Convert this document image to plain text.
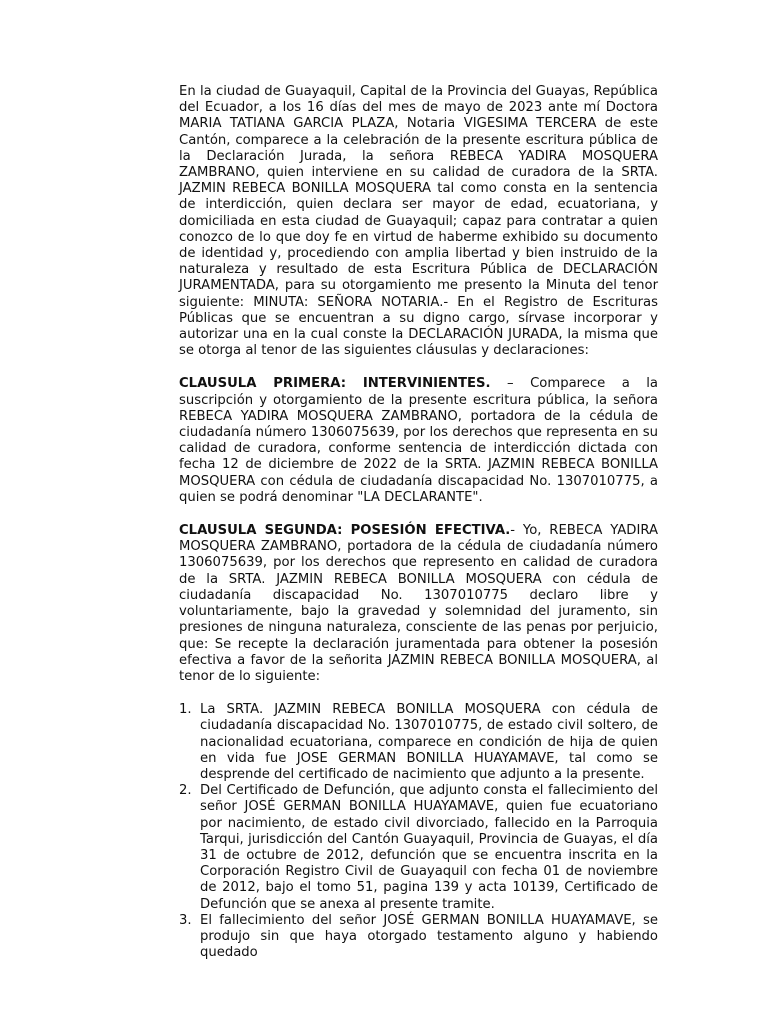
En la ciudad de Guayaquil, Capital de la Provincia del Guayas, República del Ecuador, a los 16 días del mes de mayo de 2023 ante mí Doctora MARIA TATIANA GARCIA PLAZA, Notaria VIGESIMA TERCERA de este Cantón, comparece a la celebración de la presente escritura pública de la Declaración Jurada, la señora REBECA YADIRA MOSQUERA ZAMBRANO, quien interviene en su calidad de curadora de la SRTA. JAZMIN REBECA BONILLA MOSQUERA tal como consta en la sentencia de interdicción, quien declara ser mayor de edad, ecuatoriana, y domiciliada en esta ciudad de Guayaquil; capaz para contratar a quien conozco de lo que doy fe en virtud de haberme exhibido su documento de identidad y, procediendo con amplia libertad y bien instruido de la naturaleza y resultado de esta Escritura Pública de DECLARACIÓN JURAMENTADA, para su otorgamiento me presento la Minuta del tenor siguiente: MINUTA: SEÑORA NOTARIA.- En el Registro de Escrituras Públicas que se encuentran a su digno cargo, sírvase incorporar y autorizar una en la cual conste la DECLARACIÓN JURADA, la misma que se otorga al tenor de las siguientes cláusulas y declaraciones:

CLAUSULA PRIMERA: INTERVINIENTES. – Comparece a la suscripción y otorgamiento de la presente escritura pública, la señora REBECA YADIRA MOSQUERA ZAMBRANO, portadora de la cédula de ciudadanía número 1306075639, por los derechos que representa en su calidad de curadora, conforme sentencia de interdicción dictada con fecha 12 de diciembre de 2022 de la SRTA. JAZMIN REBECA BONILLA MOSQUERA con cédula de ciudadanía discapacidad No. 1307010775, a quien se podrá denominar "LA DECLARANTE".

CLAUSULA SEGUNDA: POSESIÓN EFECTIVA.- Yo, REBECA YADIRA MOSQUERA ZAMBRANO, portadora de la cédula de ciudadanía número 1306075639, por los derechos que represento en calidad de curadora de la SRTA. JAZMIN REBECA BONILLA MOSQUERA con cédula de ciudadanía discapacidad No. 1307010775 declaro libre y voluntariamente, bajo la gravedad y solemnidad del juramento, sin presiones de ninguna naturaleza, consciente de las penas por perjuicio, que: Se recepte la declaración juramentada para obtener la posesión efectiva a favor de la señorita JAZMIN REBECA BONILLA MOSQUERA, al tenor de lo siguiente:

1. La SRTA. JAZMIN REBECA BONILLA MOSQUERA con cédula de ciudadanía discapacidad No. 1307010775, de estado civil soltero, de nacionalidad ecuatoriana, comparece en condición de hija de quien en vida fue JOSE GERMAN BONILLA HUAYAMAVE, tal como se desprende del certificado de nacimiento que adjunto a la presente.

2. Del Certificado de Defunción, que adjunto consta el fallecimiento del señor JOSÉ GERMAN BONILLA HUAYAMAVE, quien fue ecuatoriano por nacimiento, de estado civil divorciado, fallecido en la Parroquia Tarqui, jurisdicción del Cantón Guayaquil, Provincia de Guayas, el día 31 de octubre de 2012, defunción que se encuentra inscrita en la Corporación Registro Civil de Guayaquil con fecha 01 de noviembre de 2012, bajo el tomo 51, pagina 139 y acta 10139, Certificado de Defunción que se anexa al presente tramite.

3. El fallecimiento del señor JOSÉ GERMAN BONILLA HUAYAMAVE, se produjo sin que haya otorgado testamento alguno y habiendo quedado
